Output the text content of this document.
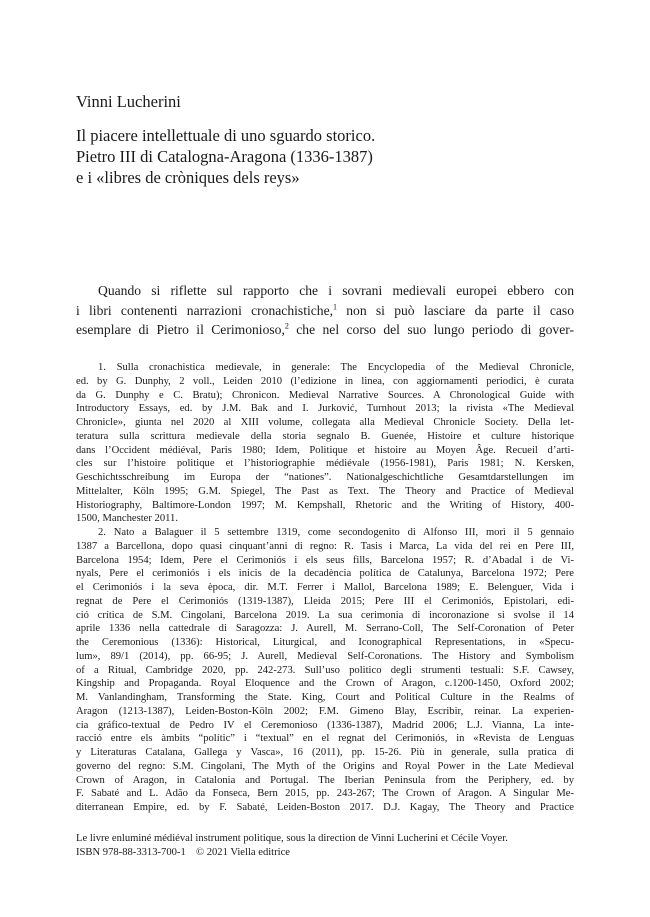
Vinni Lucherini
Il piacere intellettuale di uno sguardo storico.
Pietro III di Catalogna-Aragona (1336-1387)
e i «libres de cròniques dels reys»
Quando si riflette sul rapporto che i sovrani medievali europei ebbero con
i libri contenenti narrazioni cronachistiche,$^1$ non si può lasciare da parte il caso
esemplare di Pietro il Cerimonioso,$^2$ che nel corso del suo lungo periodo di gover-
1. Sulla cronachistica medievale, in generale: The Encyclopedia of the Medieval Chronicle,
ed. by G. Dunphy, 2 voll., Leiden 2010 (l’edizione in linea, con aggiornamenti periodici, è curata
da G. Dunphy e C. Bratu); Chronicon. Medieval Narrative Sources. A Chronological Guide with
Introductory Essays, ed. by J.M. Bak and I. Jurković, Turnhout 2013; la rivista «The Medieval
Chronicle», giunta nel 2020 al XIII volume, collegata alla Medieval Chronicle Society. Della let-
teratura sulla scrittura medievale della storia segnalo B. Guenée, Histoire et culture historique
dans l’Occident médiéval, Paris 1980; Idem, Politique et histoire au Moyen Âge. Recueil d’arti-
cles sur l’histoire politique et l’historiographie médiévale (1956-1981), Paris 1981; N. Kersken,
Geschichtsschreibung im Europa der “nationes”. Nationalgeschichtliche Gesamtdarstellungen im
Mittelalter, Köln 1995; G.M. Spiegel, The Past as Text. The Theory and Practice of Medieval
Historiography, Baltimore-London 1997; M. Kempshall, Rhetoric and the Writing of History, 400-
1500, Manchester 2011.
2. Nato a Balaguer il 5 settembre 1319, come secondogenito di Alfonso III, morì il 5 gennaio
1387 a Barcellona, dopo quasi cinquant’anni di regno: R. Tasis i Marca, La vida del rei en Pere III,
Barcelona 1954; Idem, Pere el Cerimoniós i els seus fills, Barcelona 1957; R. d’Abadal i de Vi-
nyals, Pere el cerimoniós i els inicis de la decadència política de Catalunya, Barcelona 1972; Pere
el Cerimoniós i la seva època, dir. M.T. Ferrer i Mallol, Barcelona 1989; E. Belenguer, Vida i
regnat de Pere el Cerimoniós (1319-1387), Lleida 2015; Pere III el Cerimoniós, Epistolari, edi-
ció crítica de S.M. Cingolani, Barcelona 2019. La sua cerimonia di incoronazione si svolse il 14
aprile 1336 nella cattedrale di Saragozza: J. Aurell, M. Serrano-Coll, The Self-Coronation of Peter
the Ceremonious (1336): Historical, Liturgical, and Iconographical Representations, in «Specu-
lum», 89/1 (2014), pp. 66-95; J. Aurell, Medieval Self-Coronations. The History and Symbolism
of a Ritual, Cambridge 2020, pp. 242-273. Sull’uso politico degli strumenti testuali: S.F. Cawsey,
Kingship and Propaganda. Royal Eloquence and the Crown of Aragon, c.1200-1450, Oxford 2002;
M. Vanlandingham, Transforming the State. King, Court and Political Culture in the Realms of
Aragon (1213-1387), Leiden-Boston-Köln 2002; F.M. Gimeno Blay, Escribir, reinar. La experien-
cia gráfico-textual de Pedro IV el Ceremonioso (1336-1387), Madrid 2006; L.J. Vianna, La inte-
racció entre els àmbits “polític” i “textual” en el regnat del Cerimoniós, in «Revista de Lenguas
y Literaturas Catalana, Gallega y Vasca», 16 (2011), pp. 15-26. Più in generale, sulla pratica di
governo del regno: S.M. Cingolani, The Myth of the Origins and Royal Power in the Late Medieval
Crown of Aragon, in Catalonia and Portugal. The Iberian Peninsula from the Periphery, ed. by
F. Sabaté and L. Adão da Fonseca, Bern 2015, pp. 243-267; The Crown of Aragon. A Singular Me-
diterranean Empire, ed. by F. Sabaté, Leiden-Boston 2017. D.J. Kagay, The Theory and Practice
Le livre enluminé médiéval instrument politique, sous la direction de Vinni Lucherini et Cécile Voyer.
ISBN 978-88-3313-700-1 © 2021 Viella editrice
